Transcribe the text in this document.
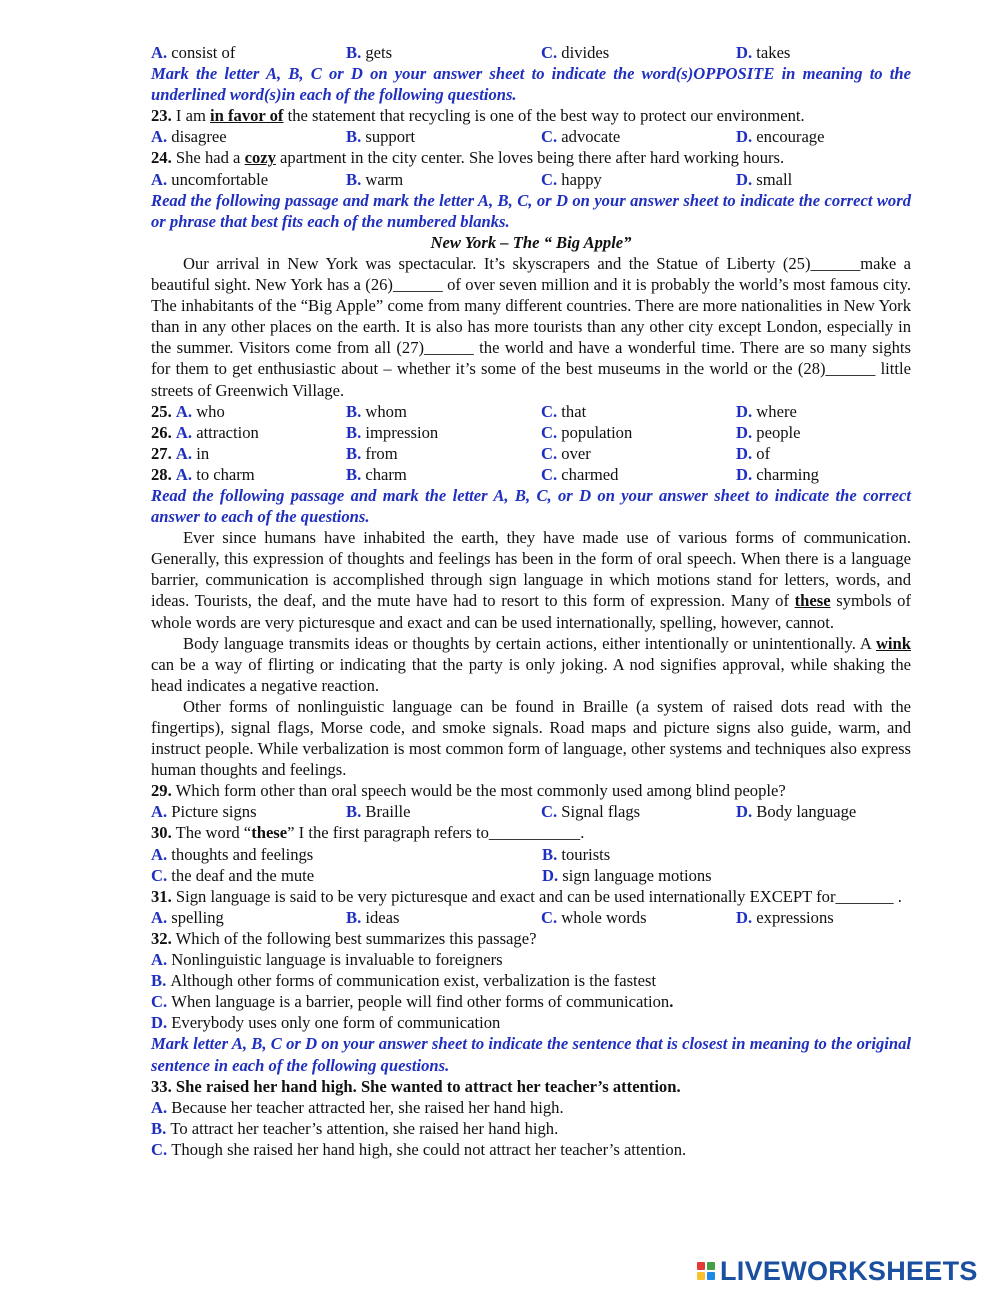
A. consist of	B. gets	C. divides	D. takes
Mark the letter A, B, C or D on your answer sheet to indicate the word(s)OPPOSITE in meaning to the underlined word(s)in each of the following questions.
23. I am in favor of the statement that recycling is one of the best way to protect our environment.
A. disagree	B. support	C. advocate	D. encourage
24. She had a cozy apartment in the city center. She loves being there after hard working hours.
A. uncomfortable	B. warm	C. happy	D. small
Read the following passage and mark the letter A, B, C, or D on your answer sheet to indicate the correct word or phrase that best fits each of the numbered blanks.
New York – The “ Big Apple”
Our arrival in New York was spectacular. It’s skyscrapers and the Statue of Liberty (25)______make a beautiful sight. New York has a (26)______ of over seven million and it is probably the world’s most famous city. The inhabitants of the “Big Apple” come from many different countries. There are more nationalities in New York than in any other places on the earth. It is also has more tourists than any other city except London, especially in the summer. Visitors come from all (27)______ the world and have a wonderful time. There are so many sights for them to get enthusiastic about – whether it’s some of the best museums in the world or the (28)______ little streets of Greenwich Village.
25. A. who	B. whom	C. that	D. where
26. A. attraction	B. impression	C. population	D. people
27. A. in	B. from	C. over	D. of
28. A. to charm	B. charm	C. charmed	D. charming
Read the following passage and mark the letter A, B, C, or D on your answer sheet to indicate the correct answer to each of the questions.
Ever since humans have inhabited the earth, they have made use of various forms of communication. Generally, this expression of thoughts and feelings has been in the form of oral speech. When there is a language barrier, communication is accomplished through sign language in which motions stand for letters, words, and ideas. Tourists, the deaf, and the mute have had to resort to this form of expression. Many of these symbols of whole words are very picturesque and exact and can be used internationally, spelling, however, cannot.
Body language transmits ideas or thoughts by certain actions, either intentionally or unintentionally. A wink can be a way of flirting or indicating that the party is only joking. A nod signifies approval, while shaking the head indicates a negative reaction.
Other forms of nonlinguistic language can be found in Braille (a system of raised dots read with the fingertips), signal flags, Morse code, and smoke signals. Road maps and picture signs also guide, warm, and instruct people. While verbalization is most common form of language, other systems and techniques also express human thoughts and feelings.
29. Which form other than oral speech would be the most commonly used among blind people?
A. Picture signs	B. Braille	C. Signal flags	D. Body language
30. The word “these” I the first paragraph refers to___________.
A. thoughts and feelings	B. tourists
C. the deaf and the mute	D. sign language motions
31. Sign language is said to be very picturesque and exact and can be used internationally EXCEPT for_______ .
A. spelling	B. ideas	C. whole words	D. expressions
32. Which of the following best summarizes this passage?
A.
Nonlinguistic language is invaluable to foreigners
B.
Although other forms of communication exist, verbalization is the fastest
C.
When language is a barrier, people will find other forms of communication .
D.
Everybody uses only one form of communication
Mark letter A, B, C or D on your answer sheet to indicate the sentence that is closest in meaning to the original sentence in each of the following questions.
33. She raised her hand high. She wanted to attract her teacher’s attention.
A.
Because her teacher attracted her, she raised her hand high.
B.
To attract her teacher’s attention, she raised her hand high.
C.
Though she raised her hand high, she could not attract her teacher’s attention.
LIVEWORKSHEETS
